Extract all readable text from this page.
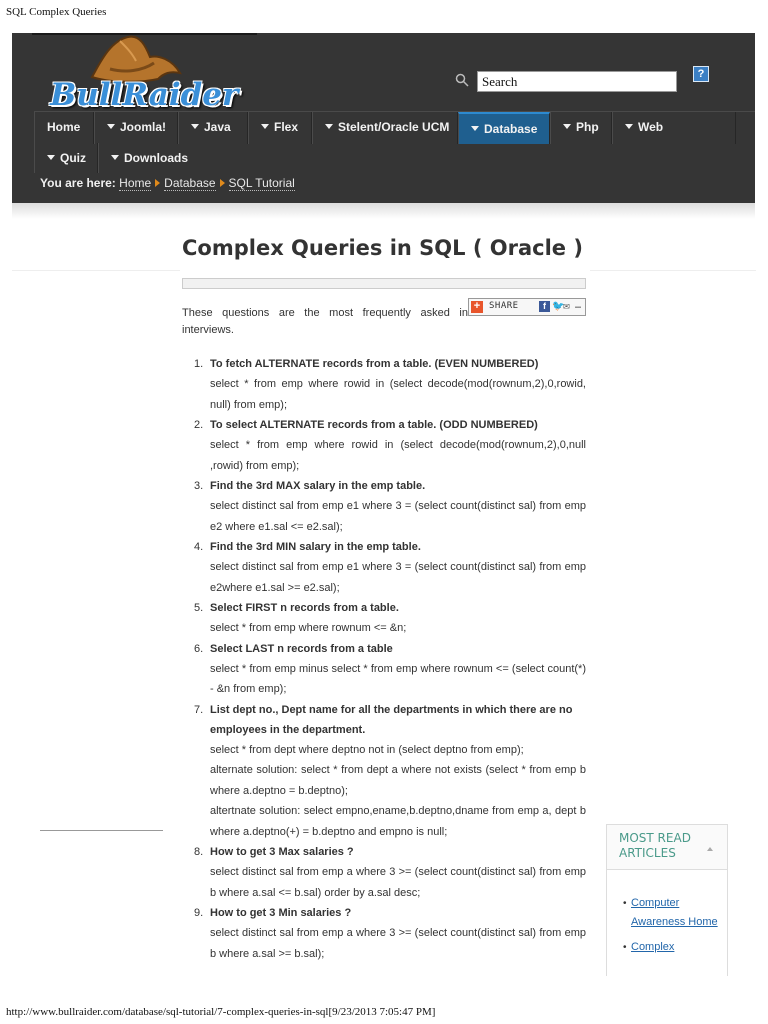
SQL Complex Queries
BullRaider
Search
?
Home	Joomla!	Java	Flex	Stelent/Oracle UCM	Database	Php	Web
Quiz	Downloads
You are here: Home Database SQL Tutorial
Complex Queries in SQL ( Oracle )

These questions are the most frequently asked in interviews.

+ SHARE	f 🐦
✉ …
1. To fetch ALTERNATE records from a table. (EVEN NUMBERED)
select * from emp where rowid in (select decode(mod(rownum,2),0,rowid, null) from emp);
2. To select ALTERNATE records from a table. (ODD NUMBERED)
select * from emp where rowid in (select decode(mod(rownum,2),0,null ,rowid) from emp);
3. Find the 3rd MAX salary in the emp table.
select distinct sal from emp e1 where 3 = (select count(distinct sal) from emp e2 where e1.sal <= e2.sal);
4. Find the 3rd MIN salary in the emp table.
select distinct sal from emp e1 where 3 = (select count(distinct sal) from emp e2where e1.sal >= e2.sal);
5. Select FIRST n records from a table.
select * from emp where rownum <= &n;
6. Select LAST n records from a table
select * from emp minus select * from emp where rownum <= (select count(*) - &n from emp);
7. List dept no., Dept name for all the departments in which there are no employees in the department.
select * from dept where deptno not in (select deptno from emp);
alternate solution: select * from dept a where not exists (select * from emp b where a.deptno = b.deptno);
altertnate solution: select empno,ename,b.deptno,dname from emp a, dept b where a.deptno(+) = b.deptno and empno is null;
8. How to get 3 Max salaries ?
select distinct sal from emp a where 3 >= (select count(distinct sal) from emp b where a.sal <= b.sal) order by a.sal desc;
9. How to get 3 Min salaries ?
select distinct sal from emp a where 3 >= (select count(distinct sal) from emp b where a.sal >= b.sal);
MOST READ ARTICLES
• Computer Awareness Home
• Complex
http://www.bullraider.com/database/sql-tutorial/7-complex-queries-in-sql[9/23/2013 7:05:47 PM]
